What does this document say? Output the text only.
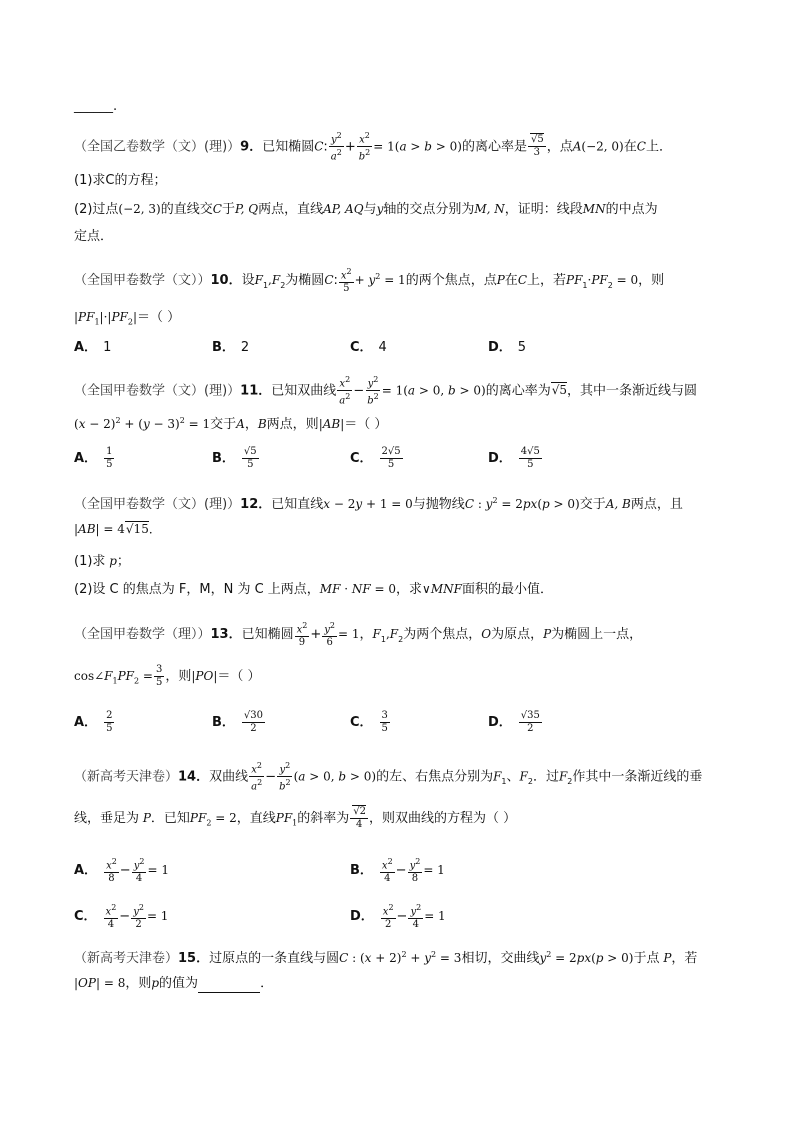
______.
（全国乙卷数学（文）(理)）9．已知椭圆C: $\frac{y^2}{a^2} + \frac{x^2}{b^2} = 1(a > b > 0)$的离心率是 $\frac{√5}{3}$ ，点A(−2, 0)在C上．
(1)求C的方程；
(2)过点(−2, 3)的直线交C于P, Q两点，直线AP, AQ与y轴的交点分别为M, N，证明：线段MN的中点为
定点．
（全国甲卷数学（文））10．设$F_1,F_2$为椭圆C: $\frac{x^2}{5} + y^2 = 1$的两个焦点，点P在C上，若$PF_1\cdot PF_2 = 0$，则
$|PF_1|\cdot|PF_2|=$（ ）
A． 1	B． 2	C． 4	D． 5
（全国甲卷数学（文）(理)）11．已知双曲线 $\frac{x^2}{a^2} - \frac{y^2}{b^2} = 1(a > 0$, b > 0)的离心率为√5，其中一条渐近线与圆
$(x - 2)^2 + (y - 3)^2 = 1$交于A，B两点，则|AB|＝（ ）
A． $\frac{1}{5}$	B． $\frac{√5}{5}$	C． $\frac{2√5}{5}$	D． $\frac{4√5}{5}$
（全国甲卷数学（文）(理)）12．已知直线x − 2y + 1 = 0与抛物线C : $y^2 = 2px(p > 0)$交于A, B两点，且
|AB| = 4√15．
(1)求 p；
(2)设 C 的焦点为 F，M，N 为 C 上两点，MF · NF = 0，求∨MNF面积的最小值．
（全国甲卷数学（理））13．已知椭圆 $\frac{x^2}{9} + \frac{y^2}{6} = 1$，$F_1,F_2$为两个焦点，O为原点，P为椭圆上一点，
$\cos\angle F_1PF_2 = \frac{3}{5}$ ，则|PO|＝（ ）
A． $\frac{2}{5}$	B． $\frac{√30}{2}$	C． $\frac{3}{5}$	D． $\frac{√35}{2}$
（新高考天津卷）14．双曲线 $\frac{x^2}{a^2} - \frac{y^2}{b^2} (a > 0$, b > 0)的左、右焦点分别为$F_1$、$F_2$．过$F_2$作其中一条渐近线的垂
线，垂足为 P．已知$PF_2 = 2$，直线$PF_1$的斜率为 $\frac{√2}{4}$ ，则双曲线的方程为（ ）
A． $\frac{x^2}{8} - \frac{y^2}{4} = 1$	B． $\frac{x^2}{4} - \frac{y^2}{8} = 1$
C． $\frac{x^2}{4} - \frac{y^2}{2} = 1$	D． $\frac{x^2}{2} - \frac{y^2}{4} = 1$
（新高考天津卷）15．过原点的一条直线与圆C : $(x + 2)^2 + y^2 = 3$相切，交曲线$y^2 = 2px(p > 0)$于点 P，若
|OP| = 8，则p的值为	．
